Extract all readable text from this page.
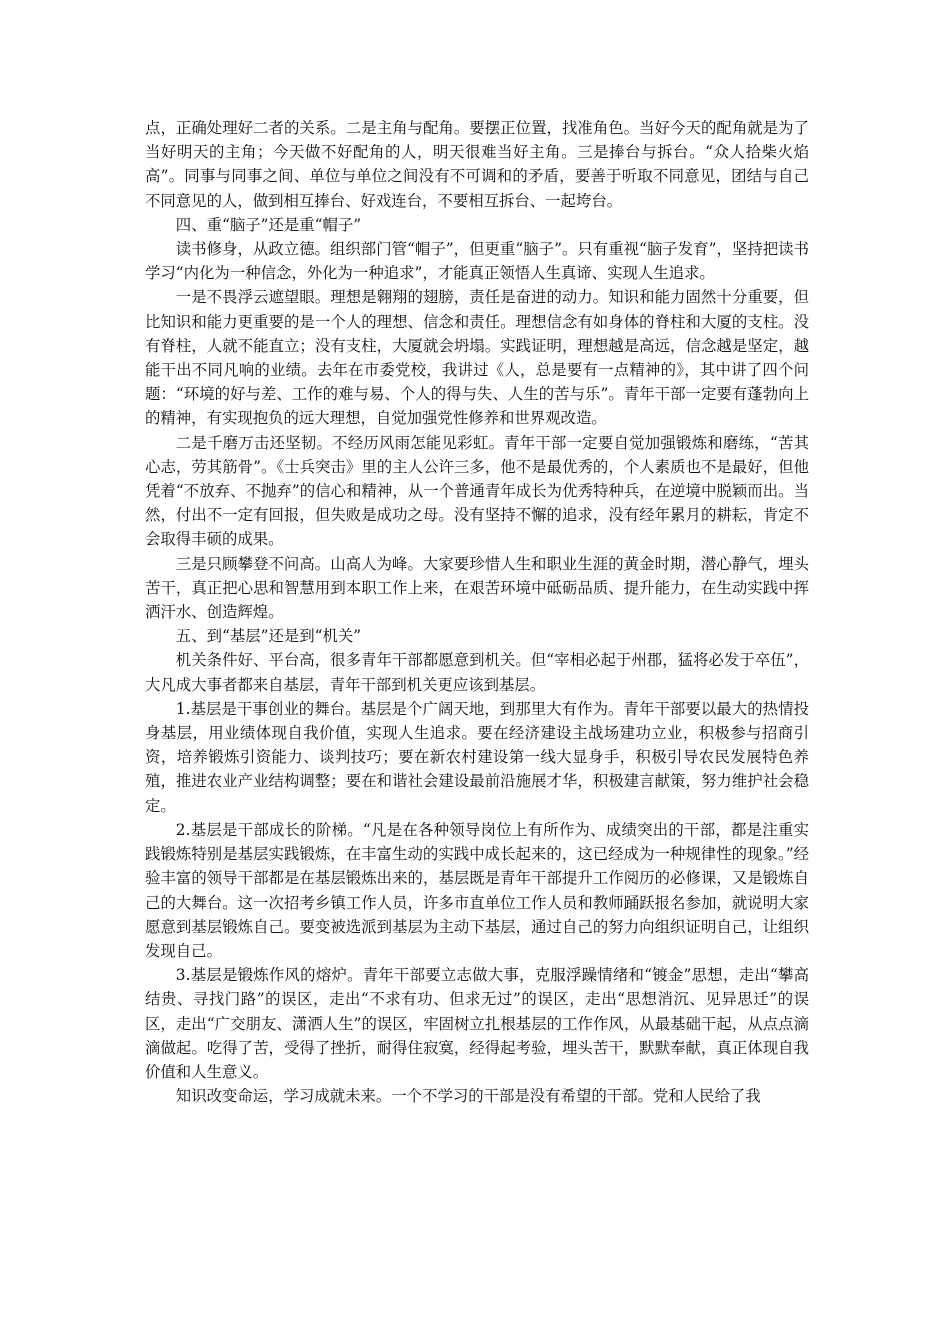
点，正确处理好二者的关系。二是主角与配角。要摆正位置，找准角色。当好今天的配角就是为了当好明天的主角；今天做不好配角的人，明天很难当好主角。三是捧台与拆台。“众人拾柴火焰高”。同事与同事之间、单位与单位之间没有不可调和的矛盾，要善于听取不同意见，团结与自己不同意见的人，做到相互捧台、好戏连台，不要相互拆台、一起垮台。

四、重“脑子”还是重“帽子”

读书修身，从政立德。组织部门管“帽子”，但更重“脑子”。只有重视“脑子发育”，坚持把读书学习“内化为一种信念，外化为一种追求”，才能真正领悟人生真谛、实现人生追求。

一是不畏浮云遮望眼。理想是翱翔的翅膀，责任是奋进的动力。知识和能力固然十分重要，但比知识和能力更重要的是一个人的理想、信念和责任。理想信念有如身体的脊柱和大厦的支柱。没有脊柱，人就不能直立；没有支柱，大厦就会坍塌。实践证明，理想越是高远，信念越是坚定，越能干出不同凡响的业绩。去年在市委党校，我讲过《人，总是要有一点精神的》，其中讲了四个问题：“环境的好与差、工作的难与易、个人的得与失、人生的苦与乐”。青年干部一定要有蓬勃向上的精神，有实现抱负的远大理想，自觉加强党性修养和世界观改造。

二是千磨万击还坚韧。不经历风雨怎能见彩虹。青年干部一定要自觉加强锻炼和磨练，“苦其心志，劳其筋骨”。《士兵突击》里的主人公许三多，他不是最优秀的，个人素质也不是最好，但他凭着“不放弃、不抛弃”的信心和精神，从一个普通青年成长为优秀特种兵，在逆境中脱颖而出。当然，付出不一定有回报，但失败是成功之母。没有坚持不懈的追求，没有经年累月的耕耘，肯定不会取得丰硕的成果。

三是只顾攀登不问高。山高人为峰。大家要珍惜人生和职业生涯的黄金时期，潜心静气，埋头苦干，真正把心思和智慧用到本职工作上来，在艰苦环境中砥砺品质、提升能力，在生动实践中挥洒汗水、创造辉煌。

五、到“基层”还是到“机关”

机关条件好、平台高，很多青年干部都愿意到机关。但“宰相必起于州郡，猛将必发于卒伍”，大凡成大事者都来自基层，青年干部到机关更应该到基层。

1.基层是干事创业的舞台。基层是个广阔天地，到那里大有作为。青年干部要以最大的热情投身基层，用业绩体现自我价值，实现人生追求。要在经济建设主战场建功立业，积极参与招商引资，培养锻炼引资能力、谈判技巧；要在新农村建设第一线大显身手，积极引导农民发展特色养殖，推进农业产业结构调整；要在和谐社会建设最前沿施展才华，积极建言献策，努力维护社会稳定。

2.基层是干部成长的阶梯。“凡是在各种领导岗位上有所作为、成绩突出的干部，都是注重实践锻炼特别是基层实践锻炼，在丰富生动的实践中成长起来的，这已经成为一种规律性的现象。”经验丰富的领导干部都是在基层锻炼出来的，基层既是青年干部提升工作阅历的必修课，又是锻炼自己的大舞台。这一次招考乡镇工作人员，许多市直单位工作人员和教师踊跃报名参加，就说明大家愿意到基层锻炼自己。要变被选派到基层为主动下基层，通过自己的努力向组织证明自己，让组织发现自己。

3.基层是锻炼作风的熔炉。青年干部要立志做大事，克服浮躁情绪和“镀金”思想，走出“攀高结贵、寻找门路”的误区，走出“不求有功、但求无过”的误区，走出“思想消沉、见异思迁”的误区，走出“广交朋友、潇洒人生”的误区，牢固树立扎根基层的工作作风，从最基础干起，从点点滴滴做起。吃得了苦，受得了挫折，耐得住寂寞，经得起考验，埋头苦干，默默奉献，真正体现自我价值和人生意义。

知识改变命运，学习成就未来。一个不学习的干部是没有希望的干部。党和人民给了我
